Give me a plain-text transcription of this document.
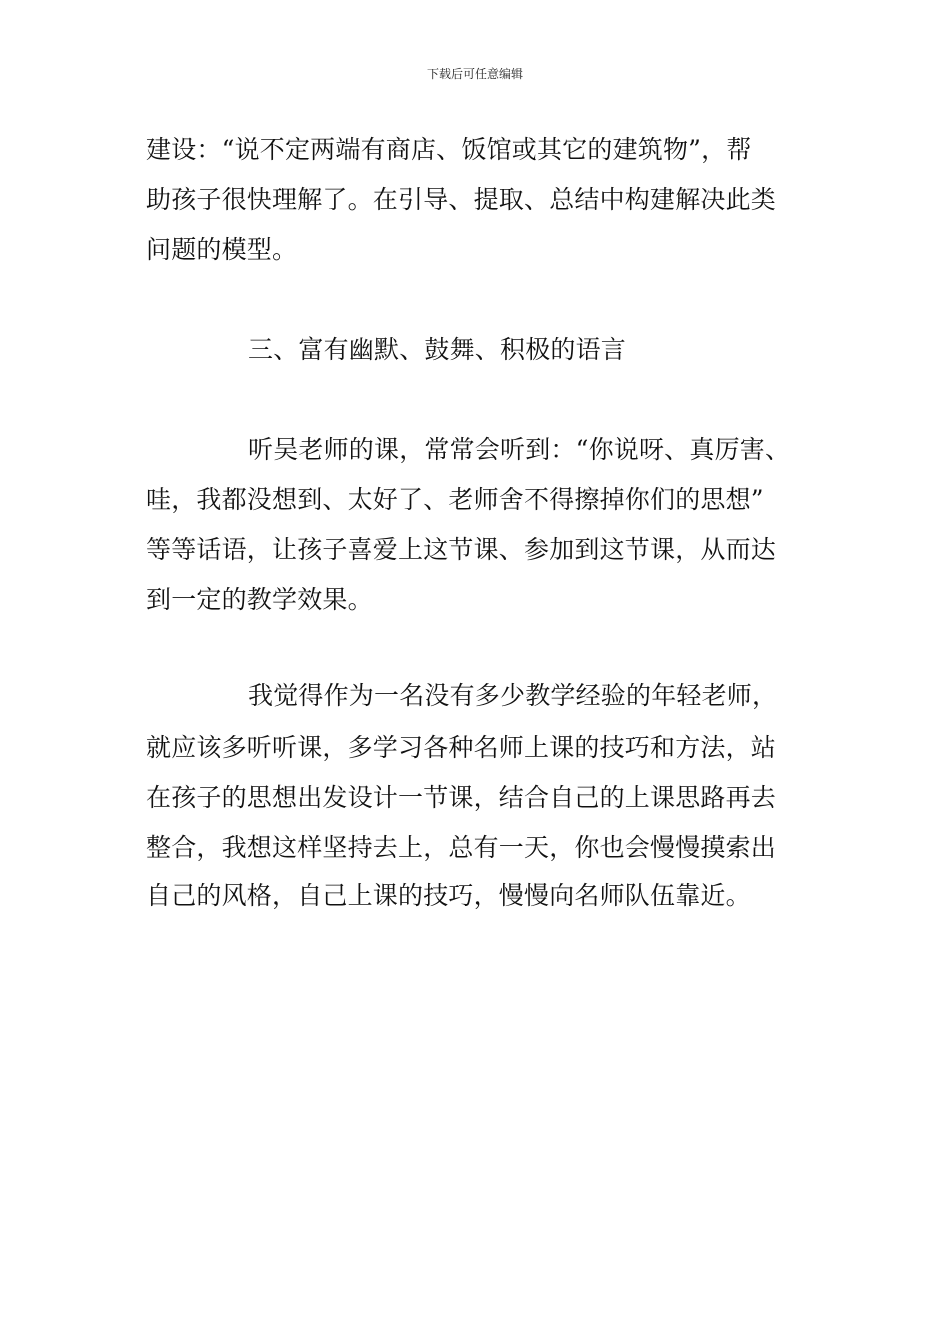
下载后可任意编辑
建设：“说不定两端有商店、饭馆或其它的建筑物”，帮
助孩子很快理解了。在引导、提取、总结中构建解决此类
问题的模型。
三、富有幽默、鼓舞、积极的语言
听吴老师的课，常常会听到：“你说呀、真厉害、
哇，我都没想到、太好了、老师舍不得擦掉你们的思想”
等等话语，让孩子喜爱上这节课、参加到这节课，从而达
到一定的教学效果。
我觉得作为一名没有多少教学经验的年轻老师，
就应该多听听课，多学习各种名师上课的技巧和方法，站
在孩子的思想出发设计一节课，结合自己的上课思路再去
整合，我想这样坚持去上，总有一天，你也会慢慢摸索出
自己的风格，自己上课的技巧，慢慢向名师队伍靠近。
